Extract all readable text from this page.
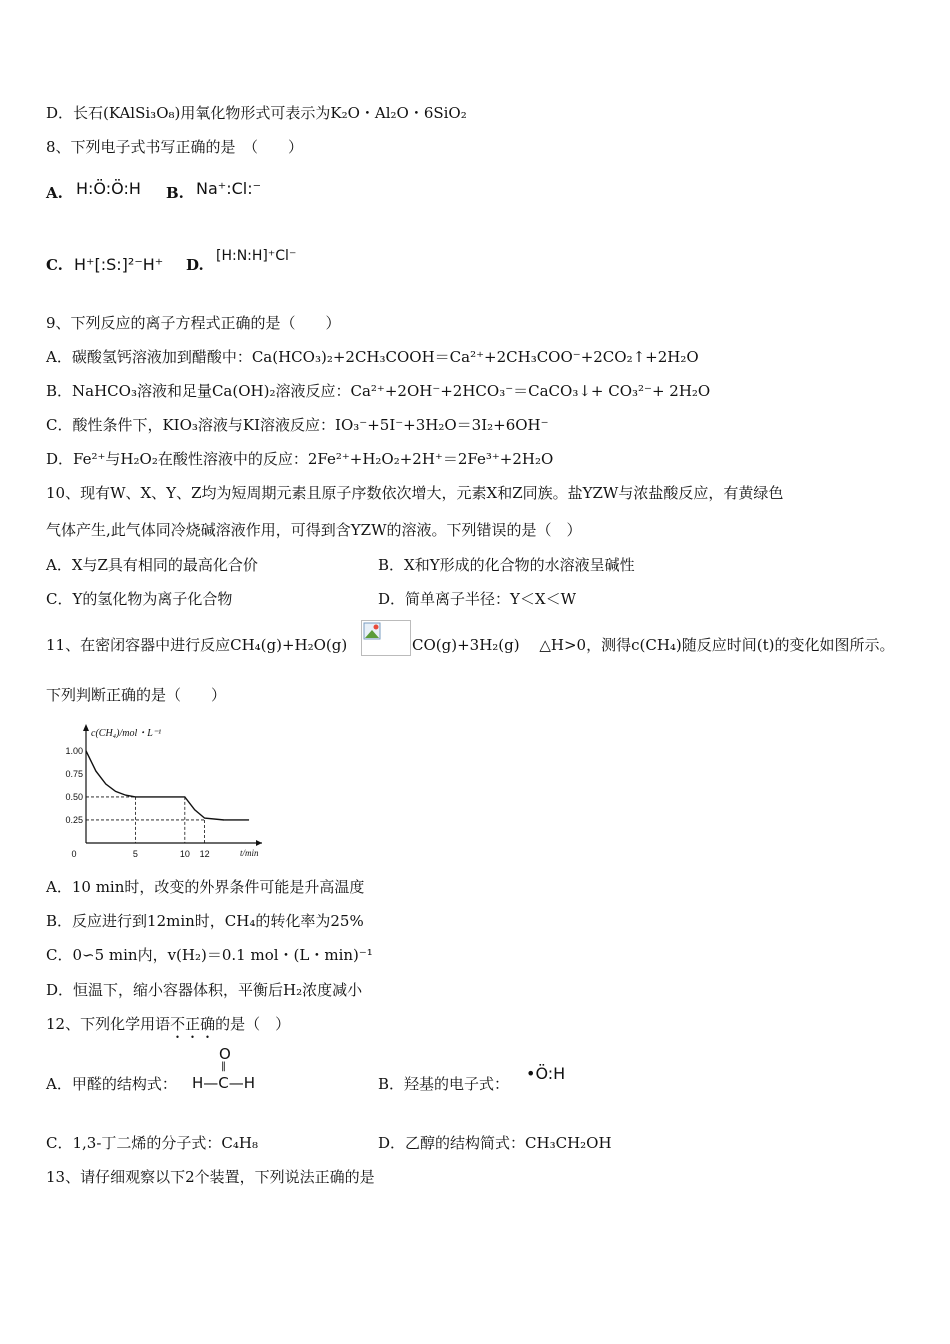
D．长石(KAlSi₃O₈)用氧化物形式可表示为K₂O・Al₂O・6SiO₂
8、下列电子式书写正确的是　（　　）
A. H:Ö:Ö:H B. Na⁺:Cl:⁻
C. H⁺[:S:]²⁻H⁺ D. [H:N:H]⁺Cl⁻
9、下列反应的离子方程式正确的是（　　）
A．碳酸氢钙溶液加到醋酸中：Ca(HCO₃)₂+2CH₃COOH＝Ca²⁺+2CH₃COO⁻+2CO₂↑+2H₂O
B．NaHCO₃溶液和足量Ca(OH)₂溶液反应：Ca²⁺+2OH⁻+2HCO₃⁻＝CaCO₃↓+ CO₃²⁻+ 2H₂O
C．酸性条件下，KIO₃溶液与KI溶液反应：IO₃⁻+5I⁻+3H₂O＝3I₂+6OH⁻
D．Fe²⁺与H₂O₂在酸性溶液中的反应：2Fe²⁺+H₂O₂+2H⁺＝2Fe³⁺+2H₂O
10、现有W、X、Y、Z均为短周期元素且原子序数依次增大，元素X和Z同族。盐YZW与浓盐酸反应，有黄绿色
气体产生,此气体同冷烧碱溶液作用，可得到含YZW的溶液。下列错误的是（　）
A．X与Z具有相同的最高化合价	B．X和Y形成的化合物的水溶液呈碱性
C．Y的氢化物为离子化合物	D．简单离子半径：Y＜X＜W
11、在密闭容器中进行反应CH₄(g)+H₂O(g)	CO(g)+3H₂(g)　 △H>0，测得c(CH₄)随反应时间(t)的变化如图所示。
下列判断正确的是（　　）
c(CH₄)/mol・L⁻¹
t/min
1.00
0.75
0.50
0.25
0	5	10 12
A．10 min时，改变的外界条件可能是升高温度
B．反应进行到12min时，CH₄的转化率为25%
C．0∽5 min内，v(H₂)＝0.1 mol・(L・min)⁻¹
D．恒温下，缩小容器体积，平衡后H₂浓度减小
12、下列化学用语不正确的是（　）
A．甲醛的结构式：
O
‖
H—C—H	B．羟基的电子式：
•Ö:H
C．1,3-丁二烯的分子式：C₄H₈	D．乙醇的结构简式：CH₃CH₂OH
13、请仔细观察以下2个装置，下列说法正确的是
